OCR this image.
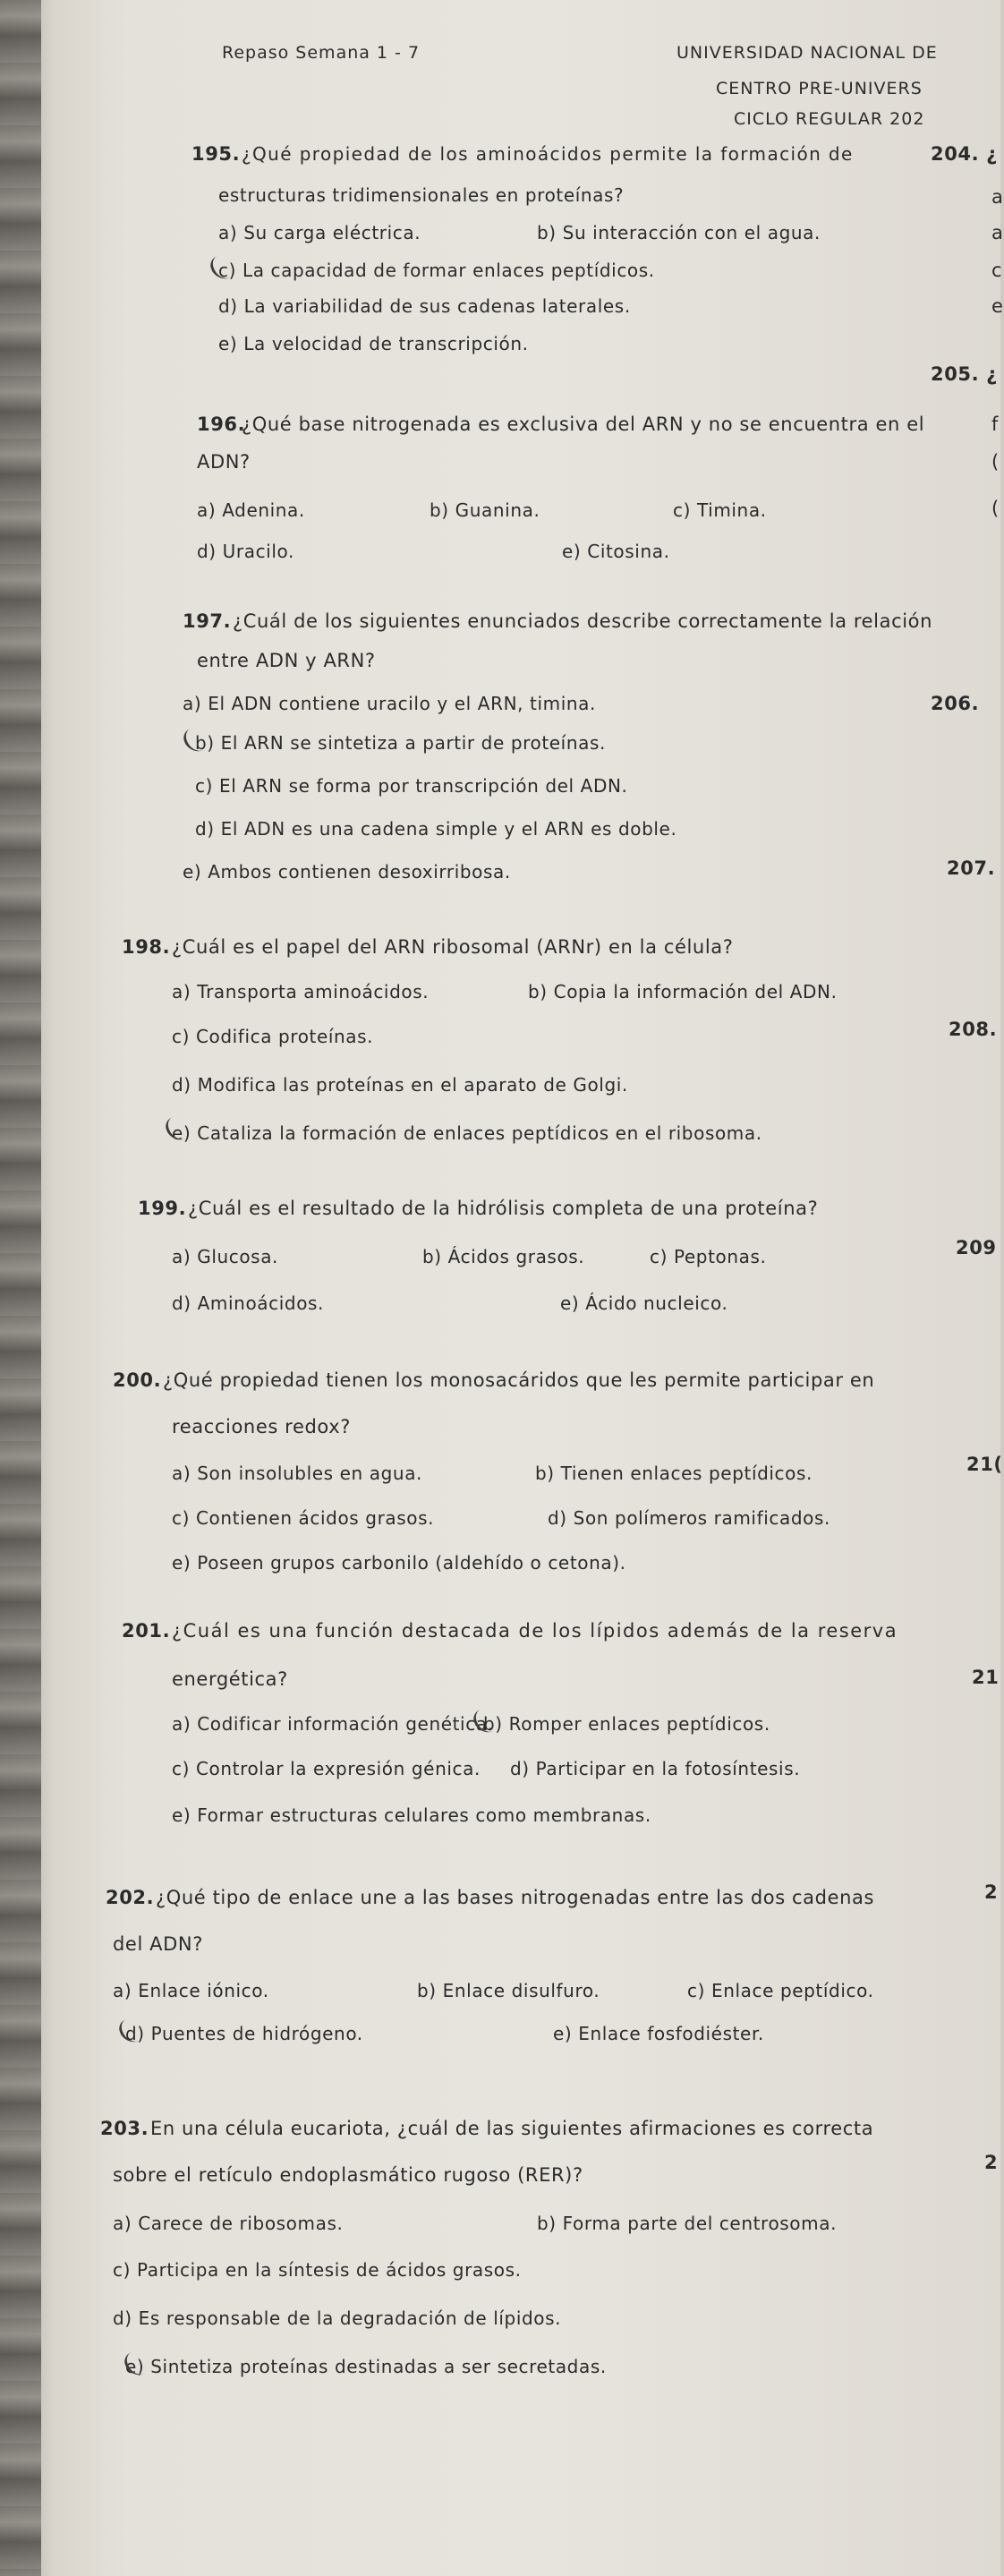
Repaso Semana 1 - 7	UNIVERSIDAD NACIONAL DE
CENTRO PRE-UNIVERS
CICLO REGULAR 202
204. ¿
a
a
c
e
205. ¿
f
(
(
206.
207.
208.
209
21(
21
2
2
195. ¿Qué propiedad de los aminoácidos permite la formación de
estructuras tridimensionales en proteínas?
a) Su carga eléctrica.	b) Su interacción con el agua.
c) La capacidad de formar enlaces peptídicos.
d) La variabilidad de sus cadenas laterales.
e) La velocidad de transcripción.
196.
¿Qué base nitrogenada es exclusiva del ARN y no se encuentra en el
ADN?
a) Adenina.	b) Guanina.	c) Timina.
d) Uracilo.	e) Citosina.
197. ¿Cuál de los siguientes enunciados describe correctamente la relación
entre ADN y ARN?
a) El ADN contiene uracilo y el ARN, timina.
b) El ARN se sintetiza a partir de proteínas.
c) El ARN se forma por transcripción del ADN.
d) El ADN es una cadena simple y el ARN es doble.
e) Ambos contienen desoxirribosa.
198. ¿Cuál es el papel del ARN ribosomal (ARNr) en la célula?
a) Transporta aminoácidos.	b) Copia la información del ADN.
c) Codifica proteínas.
d) Modifica las proteínas en el aparato de Golgi.
e) Cataliza la formación de enlaces peptídicos en el ribosoma.
199. ¿Cuál es el resultado de la hidrólisis completa de una proteína?
a) Glucosa.	b) Ácidos grasos.	c) Peptonas.
d) Aminoácidos.	e) Ácido nucleico.
200. ¿Qué propiedad tienen los monosacáridos que les permite participar en
reacciones redox?
a) Son insolubles en agua.	b) Tienen enlaces peptídicos.
c) Contienen ácidos grasos.	d) Son polímeros ramificados.
e) Poseen grupos carbonilo (aldehído o cetona).
201. ¿Cuál es una función destacada de los lípidos además de la reserva
energética?
a) Codificar información genética.
b) Romper enlaces peptídicos.
c) Controlar la expresión génica. d) Participar en la fotosíntesis.
e) Formar estructuras celulares como membranas.
202. ¿Qué tipo de enlace une a las bases nitrogenadas entre las dos cadenas
del ADN?
a) Enlace iónico.	b) Enlace disulfuro.	c) Enlace peptídico.
d) Puentes de hidrógeno.	e) Enlace fosfodiéster.
203. En una célula eucariota, ¿cuál de las siguientes afirmaciones es correcta
sobre el retículo endoplasmático rugoso (RER)?
a) Carece de ribosomas.	b) Forma parte del centrosoma.
c) Participa en la síntesis de ácidos grasos.
d) Es responsable de la degradación de lípidos.
e) Sintetiza proteínas destinadas a ser secretadas.
